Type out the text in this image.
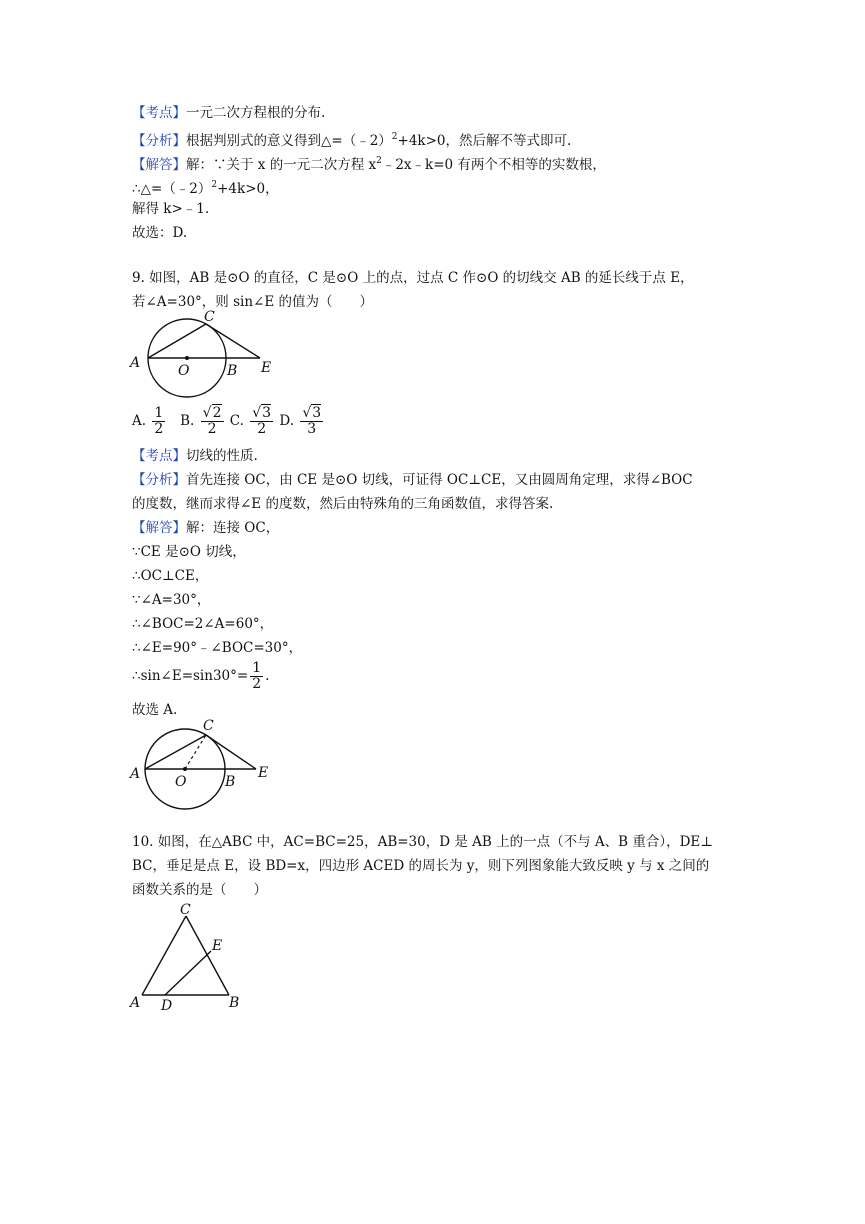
【考点】一元二次方程根的分布.
【分析】根据判别式的意义得到△=（﹣2）$^2$+4k>0，然后解不等式即可.
【解答】解：∵关于 x 的一元二次方程 $x^2﹣2x﹣k=0$ 有两个不相等的实数根，
∴△=（﹣2）$^2$+4k>0，
解得 k>﹣1.
故选：D.
9. 如图，AB 是⊙O 的直径，C 是⊙O 上的点，过点 C 作⊙O 的切线交 AB 的延长线于点 E，
若∠A=30°，则 sin∠E 的值为（　　）
A	O	B E
C
A. $\frac{1}{2} B$. $\frac{√2}{2} C$. $\frac{√3}{2} D$. $\frac{√3}{3}$
【考点】切线的性质.
【分析】首先连接 OC，由 CE 是⊙O 切线，可证得 OC⊥CE，又由圆周角定理，求得∠BOC
的度数，继而求得∠E 的度数，然后由特殊角的三角函数值，求得答案.
【解答】解：连接 OC，
∵CE 是⊙O 切线，
∴OC⊥CE，
∵∠A=30°，
∴∠BOC=2∠A=60°，
∴∠E=90°﹣∠BOC=30°，
∴sin∠E=sin30°= $\frac{1}{2}$ .
故选 A.
A O	B
E
C
10. 如图，在△ABC 中，AC=BC=25，AB=30，D 是 AB 上的一点（不与 A、B 重合），DE⊥
BC，垂足是点 E，设 BD=x，四边形 ACED 的周长为 y，则下列图象能大致反映 y 与 x 之间的
函数关系的是（　　）
C
E
A D	B
